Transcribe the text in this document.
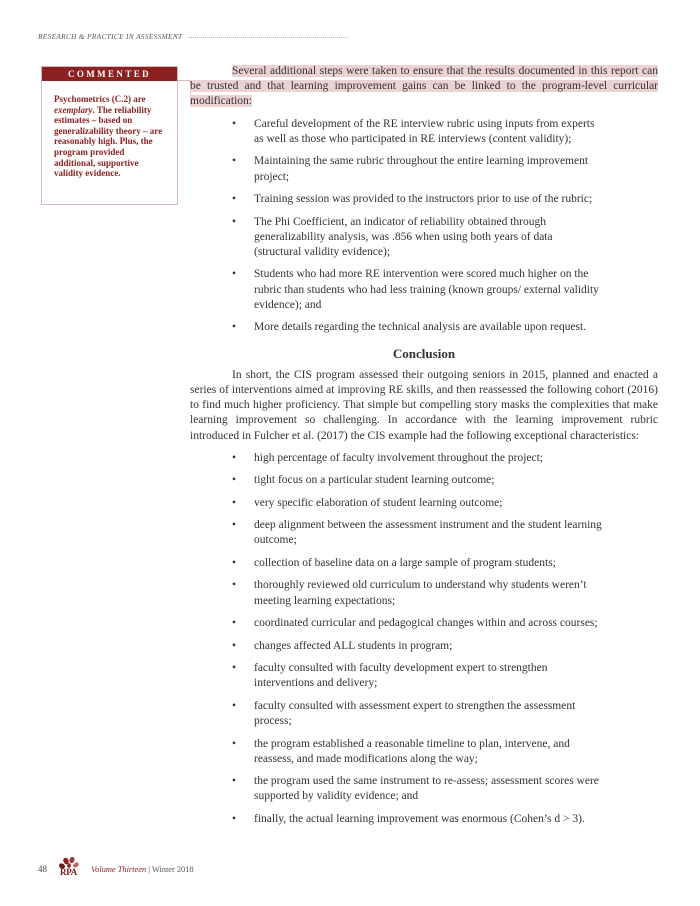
RESEARCH & PRACTICE IN ASSESSMENT
COMMENTED
Psychometrics (C.2) are exemplary. The reliability estimates – based on generalizability theory – are reasonably high. Plus, the program provided additional, supportive validity evidence.

Several additional steps were taken to ensure that the results documented in this report can be trusted and that learning improvement gains can be linked to the program-level curricular modification:

• Careful development of the RE interview rubric using inputs from experts as well as those who participated in RE interviews (content validity);
• Maintaining the same rubric throughout the entire learning improvement project;
• Training session was provided to the instructors prior to use of the rubric;
• The Phi Coefficient, an indicator of reliability obtained through generalizability analysis, was .856 when using both years of data (structural validity evidence);
• Students who had more RE intervention were scored much higher on the rubric than students who had less training (known groups/ external validity evidence); and
• More details regarding the technical analysis are available upon request.
Conclusion

In short, the CIS program assessed their outgoing seniors in 2015, planned and enacted a series of interventions aimed at improving RE skills, and then reassessed the following cohort (2016) to find much higher proficiency. That simple but compelling story masks the complexities that make learning improvement so challenging. In accordance with the learning improvement rubric introduced in Fulcher et al. (2017) the CIS example had the following exceptional characteristics:

• high percentage of faculty involvement throughout the project;
• tight focus on a particular student learning outcome;
• very specific elaboration of student learning outcome;
• deep alignment between the assessment instrument and the student learning outcome;
• collection of baseline data on a large sample of program students;
• thoroughly reviewed old curriculum to understand why students weren’t meeting learning expectations;
• coordinated curricular and pedagogical changes within and across courses;
• changes affected ALL students in program;
• faculty consulted with faculty development expert to strengthen interventions and delivery;
• faculty consulted with assessment expert to strengthen the assessment process;
• the program established a reasonable timeline to plan, intervene, and reassess, and made modifications along the way;
• the program used the same instrument to re-assess; assessment scores were supported by validity evidence; and
• finally, the actual learning improvement was enormous (Cohen’s d > 3).
48 RPA Volume Thirteen | Winter 2018
